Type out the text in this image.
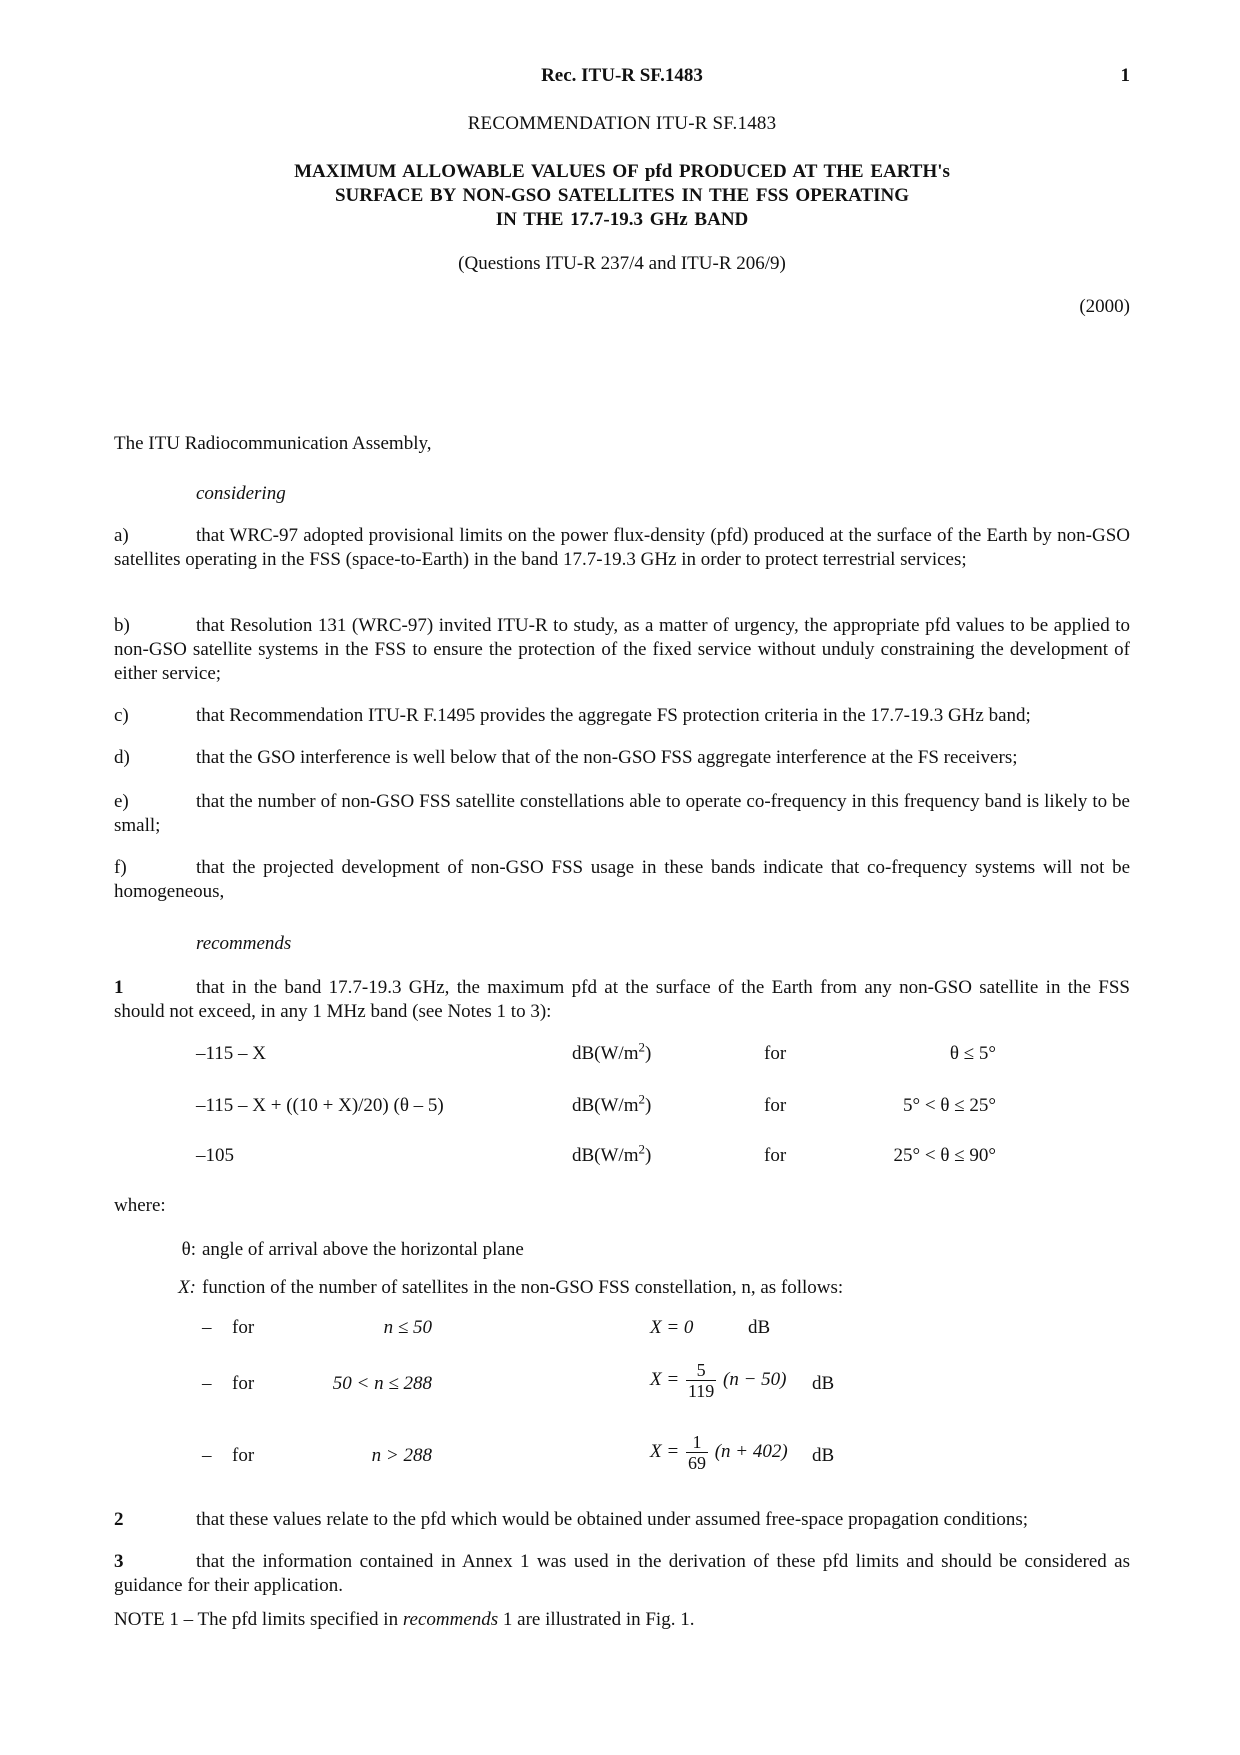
Rec. ITU-R SF.1483	1
RECOMMENDATION ITU-R SF.1483
MAXIMUM ALLOWABLE VALUES OF pfd PRODUCED AT THE EARTH's
SURFACE BY NON-GSO SATELLITES IN THE FSS OPERATING
IN THE 17.7-19.3 GHz BAND
(Questions ITU-R 237/4 and ITU-R 206/9)
(2000)
The ITU Radiocommunication Assembly,
considering
a)	that WRC-97 adopted provisional limits on the power flux-density (pfd) produced at the surface of the Earth by non-GSO satellites operating in the FSS (space-to-Earth) in the band 17.7-19.3 GHz in order to protect terrestrial services;
b)	that Resolution 131 (WRC-97) invited ITU-R to study, as a matter of urgency, the appropriate pfd values to be applied to non-GSO satellite systems in the FSS to ensure the protection of the fixed service without unduly constraining the development of either service;
c)	that Recommendation ITU-R F.1495 provides the aggregate FS protection criteria in the 17.7-19.3 GHz band;
d)	that the GSO interference is well below that of the non-GSO FSS aggregate interference at the FS receivers;
e)	that the number of non-GSO FSS satellite constellations able to operate co-frequency in this frequency band is likely to be small;
f)	that the projected development of non-GSO FSS usage in these bands indicate that co-frequency systems will not be homogeneous,
recommends
1	that in the band 17.7-19.3 GHz, the maximum pfd at the surface of the Earth from any non-GSO satellite in the FSS should not exceed, in any 1 MHz band (see Notes 1 to 3):
–115 – X	$dB(W/m^2)$	for	θ ≤ 5°
–115 – X + ((10 + X)/20) (θ – 5)	$dB(W/m^2)$	for	5° < θ ≤ 25°
–105	$dB(W/m^2)$	for	25° < θ ≤ 90°
where:
θ: angle of arrival above the horizontal plane
X: function of the number of satellites in the non-GSO FSS constellation, n, as follows:
– for	n ≤ 50	X = 0	dB
– for	50 < n ≤ 288	$X = \frac{5}{119} (n - 50)$ dB
– for	n > 288	$X = \frac{1}{69} (n + 402)$ dB
2	that these values relate to the pfd which would be obtained under assumed free-space propagation conditions;
3	that the information contained in Annex 1 was used in the derivation of these pfd limits and should be considered as guidance for their application.
NOTE 1 – The pfd limits specified in recommends 1 are illustrated in Fig. 1.
